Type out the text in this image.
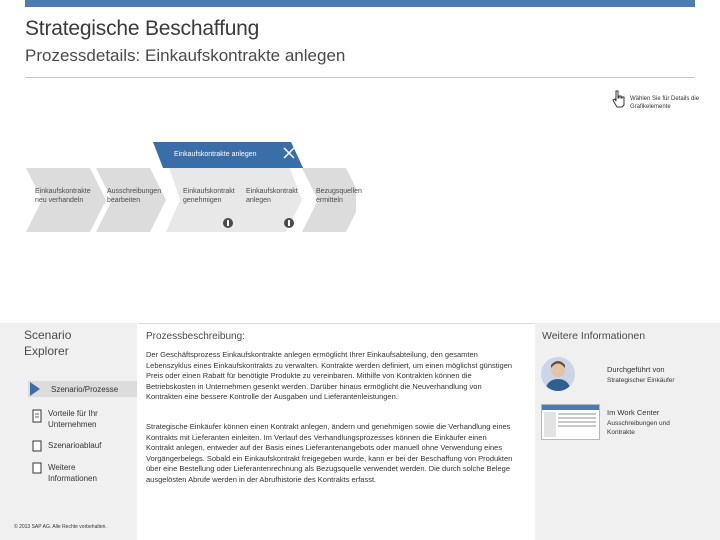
Strategische Beschaffung
Prozessdetails: Einkaufskontrakte anlegen
Wählen Sie für Details die Grafikelemente
Einkaufskontrakte anlegen
Einkaufskontrakte neu verhandeln
Ausschreibungen bearbeiten
Einkaufskontrakt genehmigen
Einkaufskontrakt anlegen
Bezugsquellen ermitteln
Scenario Explorer
Szenario/Prozesse
Vorteile für Ihr Unternehmen
Szenarioablauf
Weitere Informationen
© 2013 SAP AG. Alle Rechte vorbehalten.
Prozessbeschreibung:
Der Geschäftsprozess Einkaufskontrakte anlegen ermöglicht Ihrer Einkaufsabteilung, den gesamten Lebenszyklus eines Einkaufskontrakts zu verwalten. Kontrakte werden definiert, um einen möglichst günstigen Preis oder einen Rabatt für benötigte Produkte zu vereinbaren. Mithilfe von Kontrakten können die Betriebskosten in Unternehmen gesenkt werden. Darüber hinaus ermöglicht die Neuverhandlung von Kontrakten eine bessere Kontrolle der Ausgaben und Lieferantenleistungen.
Strategische Einkäufer können einen Kontrakt anlegen, ändern und genehmigen sowie die Verhandlung eines Kontrakts mit Lieferanten einleiten. Im Verlauf des Verhandlungsprozesses können die Einkäufer einen Kontrakt anlegen, entweder auf der Basis eines Lieferantenangebots oder manuell ohne Verwendung eines Vorgängerbelegs. Sobald ein Einkaufskontrakt freigegeben wurde, kann er bei der Beschaffung von Produkten über eine Bestellung oder Lieferantenrechnung als Bezugsquelle verwendet werden. Die durch solche Belege ausgelösten Abrufe werden in der Abrufhistorie des Kontrakts erfasst.
Weitere Informationen
Durchgeführt von
Strategischer Einkäufer
Im Work Center
Ausschreibungen und Kontrakte
